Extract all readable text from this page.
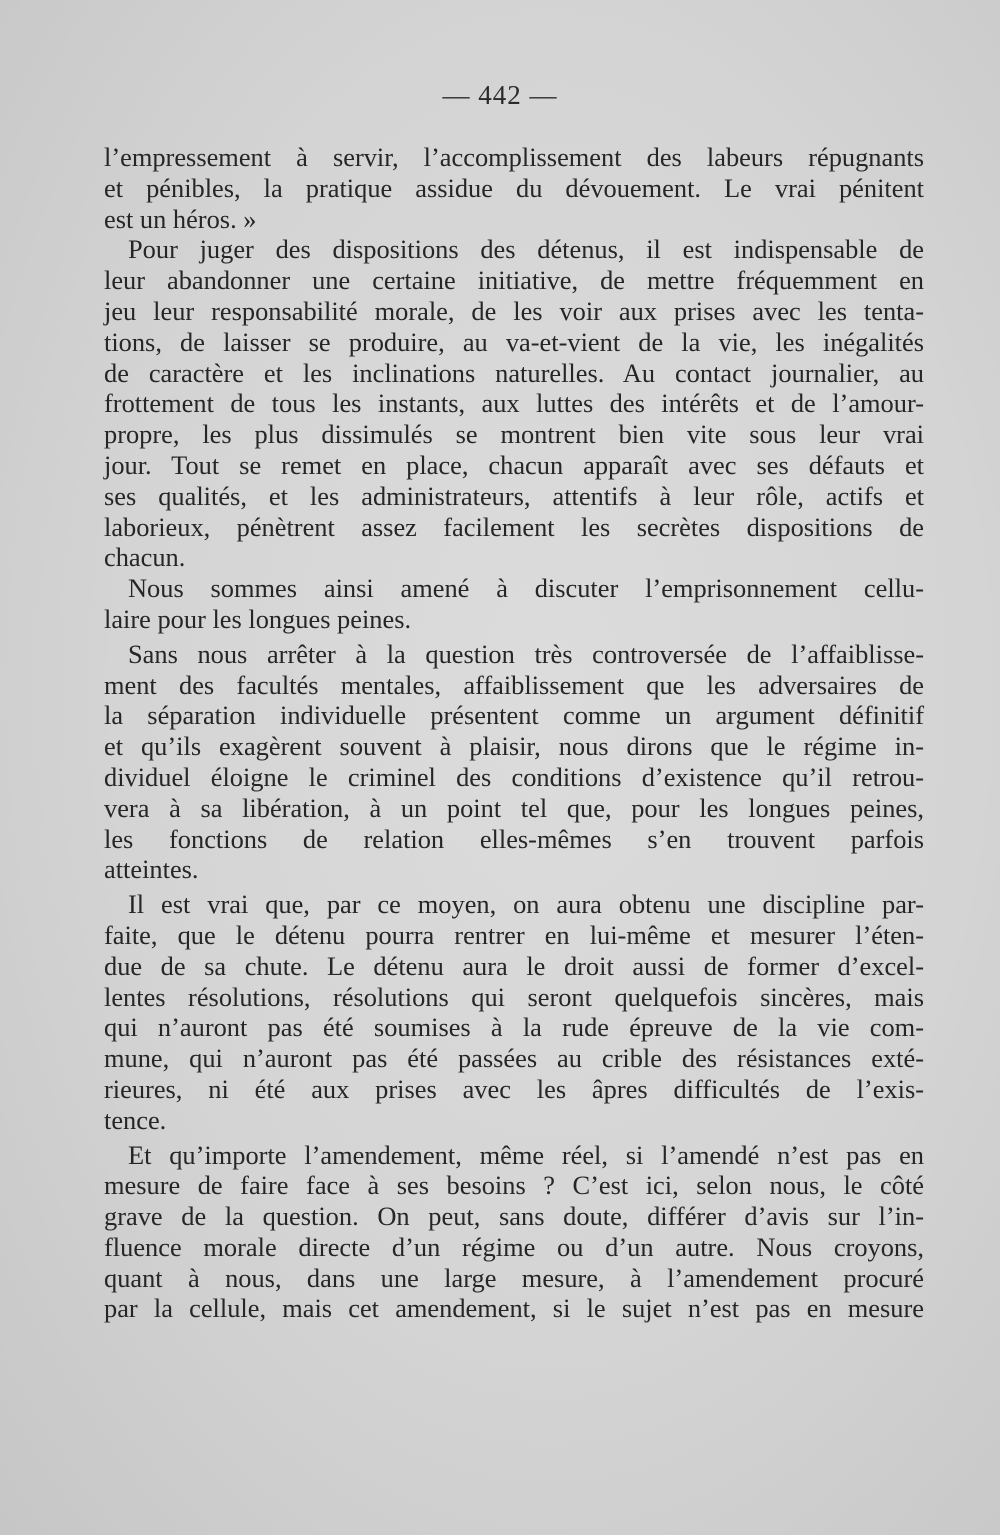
— 442 —
l’empressement à servir, l’accomplissement des labeurs répugnants
et pénibles, la pratique assidue du dévouement. Le vrai pénitent
est un héros. »
Pour juger des dispositions des détenus, il est indispensable de
leur abandonner une certaine initiative, de mettre fréquemment en
jeu leur responsabilité morale, de les voir aux prises avec les tenta-
tions, de laisser se produire, au va-et-vient de la vie, les inégalités
de caractère et les inclinations naturelles. Au contact journalier, au
frottement de tous les instants, aux luttes des intérêts et de l’amour-
propre, les plus dissimulés se montrent bien vite sous leur vrai
jour. Tout se remet en place, chacun apparaît avec ses défauts et
ses qualités, et les administrateurs, attentifs à leur rôle, actifs et
laborieux, pénètrent assez facilement les secrètes dispositions de
chacun.
Nous sommes ainsi amené à discuter l’emprisonnement cellu-
laire pour les longues peines.
Sans nous arrêter à la question très controversée de l’affaiblisse-
ment des facultés mentales, affaiblissement que les adversaires de
la séparation individuelle présentent comme un argument définitif
et qu’ils exagèrent souvent à plaisir, nous dirons que le régime in-
dividuel éloigne le criminel des conditions d’existence qu’il retrou-
vera à sa libération, à un point tel que, pour les longues peines,
les fonctions de relation elles-mêmes s’en trouvent parfois
atteintes.
Il est vrai que, par ce moyen, on aura obtenu une discipline par-
faite, que le détenu pourra rentrer en lui-même et mesurer l’éten-
due de sa chute. Le détenu aura le droit aussi de former d’excel-
lentes résolutions, résolutions qui seront quelquefois sincères, mais
qui n’auront pas été soumises à la rude épreuve de la vie com-
mune, qui n’auront pas été passées au crible des résistances exté-
rieures, ni été aux prises avec les âpres difficultés de l’exis-
tence.
Et qu’importe l’amendement, même réel, si l’amendé n’est pas en
mesure de faire face à ses besoins ? C’est ici, selon nous, le côté
grave de la question. On peut, sans doute, différer d’avis sur l’in-
fluence morale directe d’un régime ou d’un autre. Nous croyons,
quant à nous, dans une large mesure, à l’amendement procuré
par la cellule, mais cet amendement, si le sujet n’est pas en mesure
